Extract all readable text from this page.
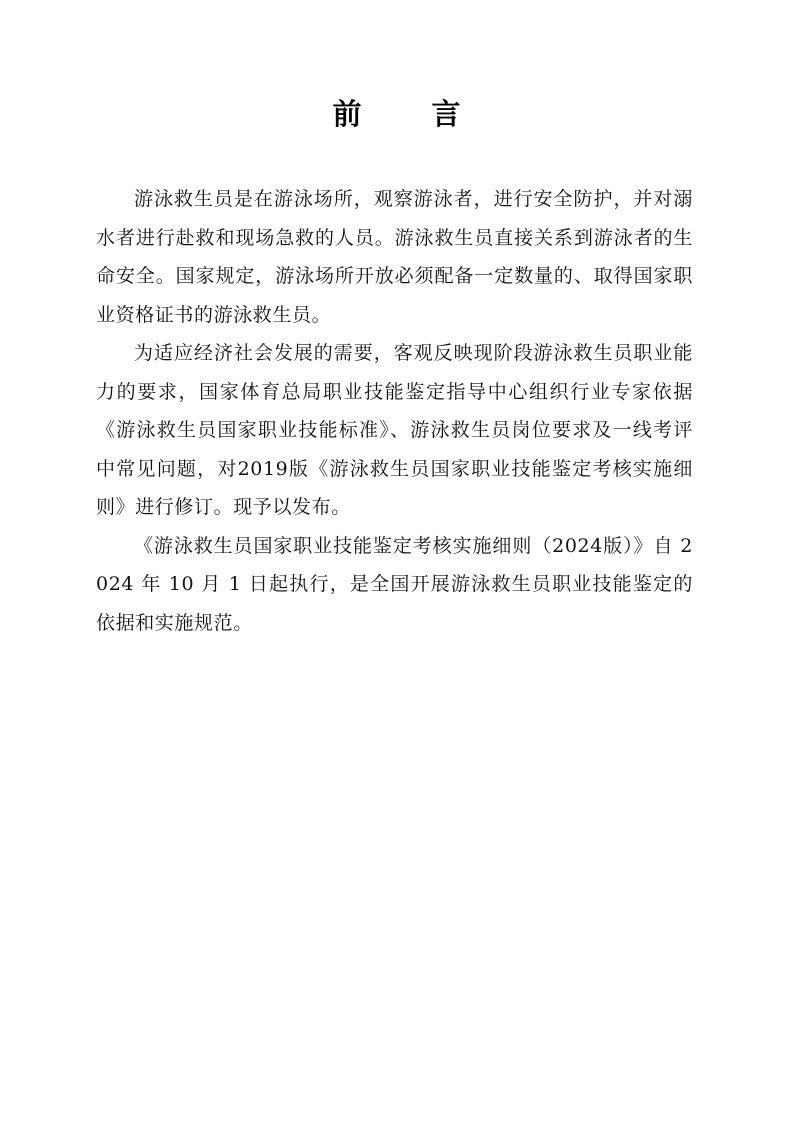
前 言

游泳救生员是在游泳场所，观察游泳者，进行安全防护，并对溺水者进行赴救和现场急救的人员。游泳救生员直接关系到游泳者的生命安全。国家规定，游泳场所开放必须配备一定数量的、取得国家职业资格证书的游泳救生员。

为适应经济社会发展的需要，客观反映现阶段游泳救生员职业能力的要求，国家体育总局职业技能鉴定指导中心组织行业专家依据《游泳救生员国家职业技能标准》、游泳救生员岗位要求及一线考评中常见问题，对2019版《游泳救生员国家职业技能鉴定考核实施细则》进行修订。现予以发布。

《游泳救生员国家职业技能鉴定考核实施细则（2024版）》自 2024 年 10 月 1 日起执行，是全国开展游泳救生员职业技能鉴定的依据和实施规范。
